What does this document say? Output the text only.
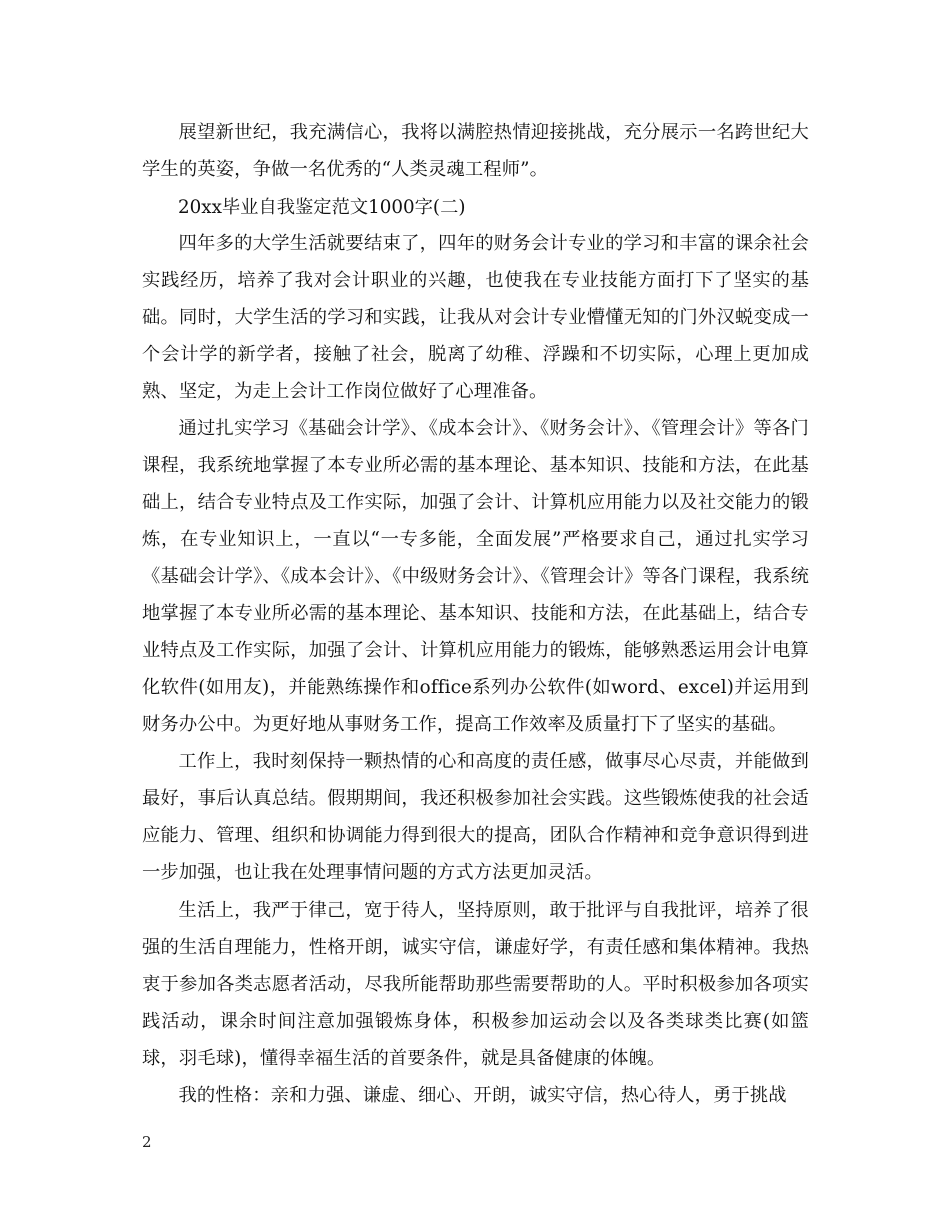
展望新世纪，我充满信心，我将以满腔热情迎接挑战，充分展示一名跨世纪大学生的英姿，争做一名优秀的“人类灵魂工程师”。

20xx毕业自我鉴定范文1000字(二)

四年多的大学生活就要结束了，四年的财务会计专业的学习和丰富的课余社会实践经历，培养了我对会计职业的兴趣，也使我在专业技能方面打下了坚实的基础。同时，大学生活的学习和实践，让我从对会计专业懵懂无知的门外汉蜕变成一个会计学的新学者，接触了社会，脱离了幼稚、浮躁和不切实际，心理上更加成熟、坚定，为走上会计工作岗位做好了心理准备。

通过扎实学习《基础会计学》、《成本会计》、《财务会计》、《管理会计》等各门课程，我系统地掌握了本专业所必需的基本理论、基本知识、技能和方法，在此基础上，结合专业特点及工作实际，加强了会计、计算机应用能力以及社交能力的锻炼，在专业知识上，一直以“一专多能，全面发展”严格要求自己，通过扎实学习《基础会计学》、《成本会计》、《中级财务会计》、《管理会计》等各门课程，我系统地掌握了本专业所必需的基本理论、基本知识、技能和方法，在此基础上，结合专业特点及工作实际，加强了会计、计算机应用能力的锻炼，能够熟悉运用会计电算化软件(如用友)，并能熟练操作和office系列办公软件(如word、excel)并运用到财务办公中。为更好地从事财务工作，提高工作效率及质量打下了坚实的基础。

工作上，我时刻保持一颗热情的心和高度的责任感，做事尽心尽责，并能做到最好，事后认真总结。假期期间，我还积极参加社会实践。这些锻炼使我的社会适应能力、管理、组织和协调能力得到很大的提高，团队合作精神和竞争意识得到进一步加强，也让我在处理事情问题的方式方法更加灵活。

生活上，我严于律己，宽于待人，坚持原则，敢于批评与自我批评，培养了很强的生活自理能力，性格开朗，诚实守信，谦虚好学，有责任感和集体精神。我热衷于参加各类志愿者活动，尽我所能帮助那些需要帮助的人。平时积极参加各项实践活动，课余时间注意加强锻炼身体，积极参加运动会以及各类球类比赛(如篮球，羽毛球)，懂得幸福生活的首要条件，就是具备健康的体魄。

我的性格：亲和力强、谦虚、细心、开朗，诚实守信，热心待人，勇于挑战

2
